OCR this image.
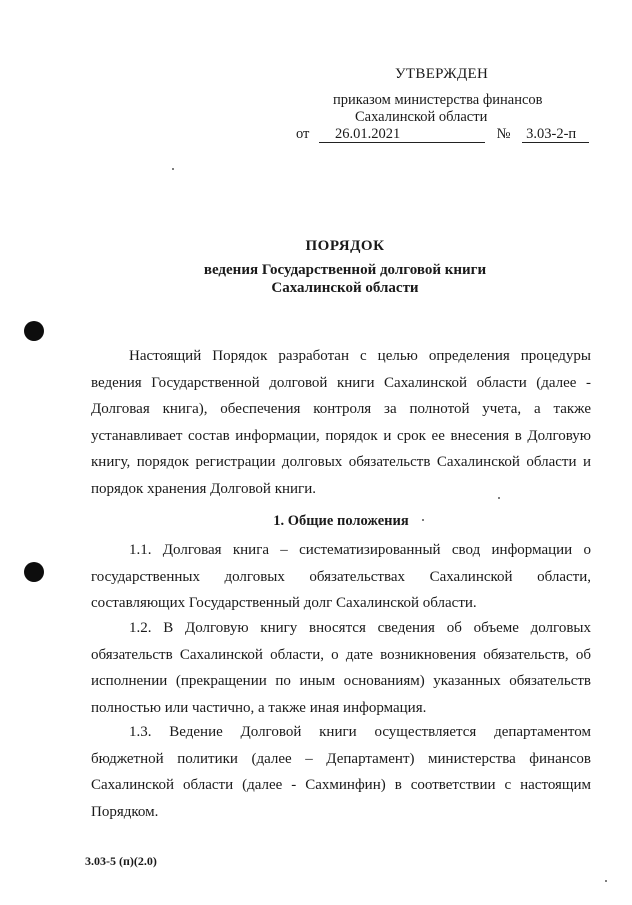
УТВЕРЖДЕН
приказом министерства финансов
Сахалинской области
от 26.01.2021	№ 3.03-2-п
ПОРЯДОК
ведения Государственной долговой книги
Сахалинской области

Настоящий Порядок разработан с целью определения процедуры ведения Государственной долговой книги Сахалинской области (далее - Долговая книга), обеспечения контроля за полнотой учета, а также устанавливает состав информации, порядок и срок ее внесения в Долговую книгу, порядок регистрации долговых обязательств Сахалинской области и порядок хранения Долговой книги.

1. Общие положения

1.1. Долговая книга – систематизированный свод информации о государственных долговых обязательствах Сахалинской области, составляющих Государственный долг Сахалинской области.

1.2. В Долговую книгу вносятся сведения об объеме долговых обязательств Сахалинской области, о дате возникновения обязательств, об исполнении (прекращении по иным основаниям) указанных обязательств полностью или частично, а также иная информация.

1.3. Ведение Долговой книги осуществляется департаментом бюджетной политики (далее – Департамент) министерства финансов Сахалинской области (далее - Сахминфин) в соответствии с настоящим Порядком.

3.03-5 (п)(2.0)
